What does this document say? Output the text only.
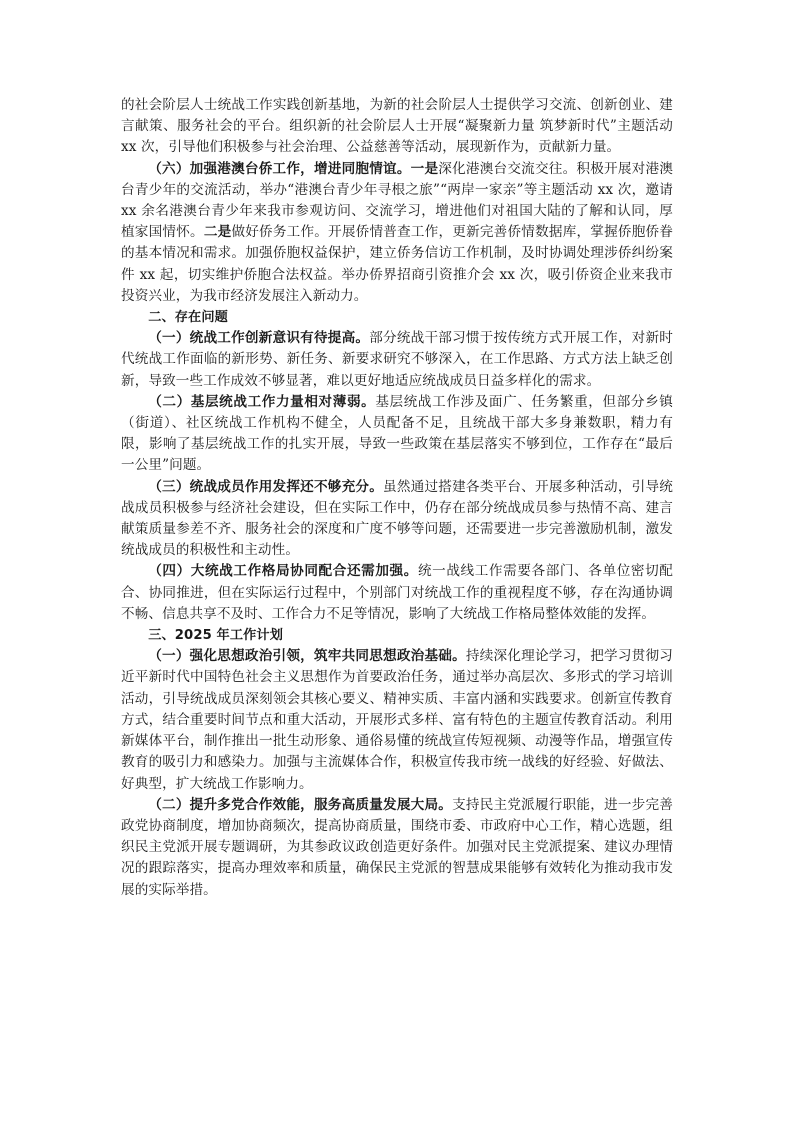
的社会阶层人士统战工作实践创新基地，为新的社会阶层人士提供学习交流、创新创业、建言献策、服务社会的平台。组织新的社会阶层人士开展“凝聚新力量 筑梦新时代”主题活动 xx 次，引导他们积极参与社会治理、公益慈善等活动，展现新作为，贡献新力量。

（六）加强港澳台侨工作，增进同胞情谊。一是深化港澳台交流交往。积极开展对港澳台青少年的交流活动，举办“港澳台青少年寻根之旅”“两岸一家亲”等主题活动 xx 次，邀请 xx 余名港澳台青少年来我市参观访问、交流学习，增进他们对祖国大陆的了解和认同，厚植家国情怀。二是做好侨务工作。开展侨情普查工作，更新完善侨情数据库，掌握侨胞侨眷的基本情况和需求。加强侨胞权益保护，建立侨务信访工作机制，及时协调处理涉侨纠纷案件 xx 起，切实维护侨胞合法权益。举办侨界招商引资推介会 xx 次，吸引侨资企业来我市投资兴业，为我市经济发展注入新动力。

二、存在问题

（一）统战工作创新意识有待提高。部分统战干部习惯于按传统方式开展工作，对新时代统战工作面临的新形势、新任务、新要求研究不够深入，在工作思路、方式方法上缺乏创新，导致一些工作成效不够显著，难以更好地适应统战成员日益多样化的需求。

（二）基层统战工作力量相对薄弱。基层统战工作涉及面广、任务繁重，但部分乡镇（街道）、社区统战工作机构不健全，人员配备不足，且统战干部大多身兼数职，精力有限，影响了基层统战工作的扎实开展，导致一些政策在基层落实不够到位，工作存在“最后一公里”问题。

（三）统战成员作用发挥还不够充分。虽然通过搭建各类平台、开展多种活动，引导统战成员积极参与经济社会建设，但在实际工作中，仍存在部分统战成员参与热情不高、建言献策质量参差不齐、服务社会的深度和广度不够等问题，还需要进一步完善激励机制，激发统战成员的积极性和主动性。

（四）大统战工作格局协同配合还需加强。统一战线工作需要各部门、各单位密切配合、协同推进，但在实际运行过程中，个别部门对统战工作的重视程度不够，存在沟通协调不畅、信息共享不及时、工作合力不足等情况，影响了大统战工作格局整体效能的发挥。

三、2025 年工作计划

（一）强化思想政治引领，筑牢共同思想政治基础。持续深化理论学习，把学习贯彻习近平新时代中国特色社会主义思想作为首要政治任务，通过举办高层次、多形式的学习培训活动，引导统战成员深刻领会其核心要义、精神实质、丰富内涵和实践要求。创新宣传教育方式，结合重要时间节点和重大活动，开展形式多样、富有特色的主题宣传教育活动。利用新媒体平台，制作推出一批生动形象、通俗易懂的统战宣传短视频、动漫等作品，增强宣传教育的吸引力和感染力。加强与主流媒体合作，积极宣传我市统一战线的好经验、好做法、好典型，扩大统战工作影响力。

（二）提升多党合作效能，服务高质量发展大局。支持民主党派履行职能，进一步完善政党协商制度，增加协商频次，提高协商质量，围绕市委、市政府中心工作，精心选题，组织民主党派开展专题调研，为其参政议政创造更好条件。加强对民主党派提案、建议办理情况的跟踪落实，提高办理效率和质量，确保民主党派的智慧成果能够有效转化为推动我市发展的实际举措。
